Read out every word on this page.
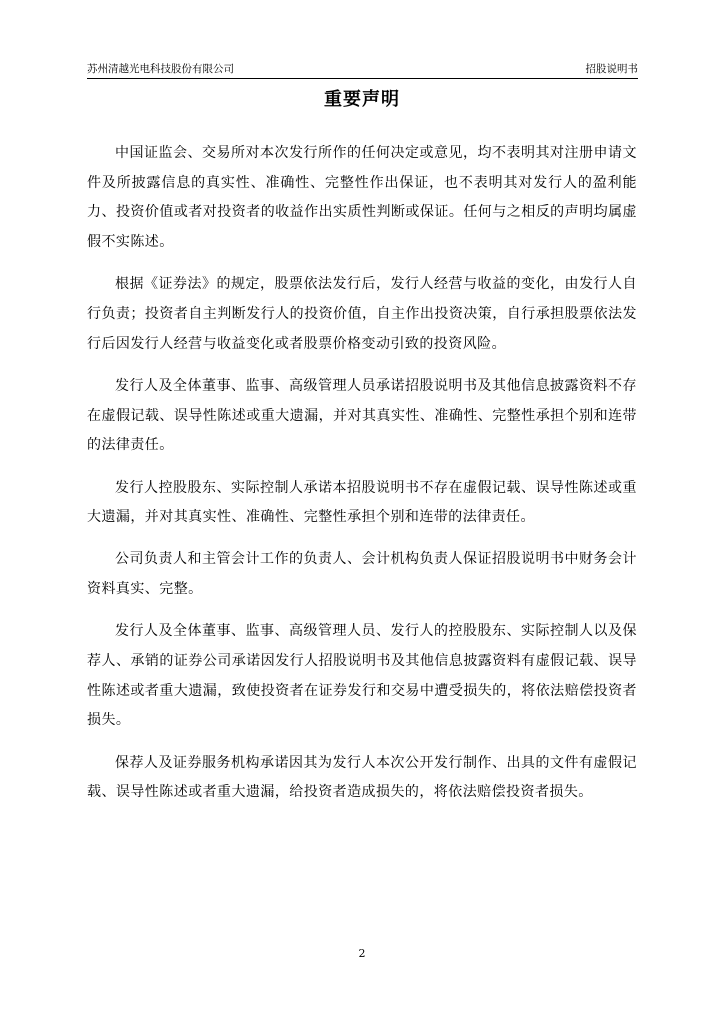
苏州清越光电科技股份有限公司	招股说明书
重要声明

中国证监会、交易所对本次发行所作的任何决定或意见，均不表明其对注册申请文件及所披露信息的真实性、准确性、完整性作出保证，也不表明其对发行人的盈利能力、投资价值或者对投资者的收益作出实质性判断或保证。任何与之相反的声明均属虚假不实陈述。

根据《证券法》的规定，股票依法发行后，发行人经营与收益的变化，由发行人自行负责；投资者自主判断发行人的投资价值，自主作出投资决策，自行承担股票依法发行后因发行人经营与收益变化或者股票价格变动引致的投资风险。

发行人及全体董事、监事、高级管理人员承诺招股说明书及其他信息披露资料不存在虚假记载、误导性陈述或重大遗漏，并对其真实性、准确性、完整性承担个别和连带的法律责任。

发行人控股股东、实际控制人承诺本招股说明书不存在虚假记载、误导性陈述或重大遗漏，并对其真实性、准确性、完整性承担个别和连带的法律责任。

公司负责人和主管会计工作的负责人、会计机构负责人保证招股说明书中财务会计资料真实、完整。

发行人及全体董事、监事、高级管理人员、发行人的控股股东、实际控制人以及保荐人、承销的证券公司承诺因发行人招股说明书及其他信息披露资料有虚假记载、误导性陈述或者重大遗漏，致使投资者在证券发行和交易中遭受损失的，将依法赔偿投资者损失。

保荐人及证券服务机构承诺因其为发行人本次公开发行制作、出具的文件有虚假记载、误导性陈述或者重大遗漏，给投资者造成损失的，将依法赔偿投资者损失。

2
